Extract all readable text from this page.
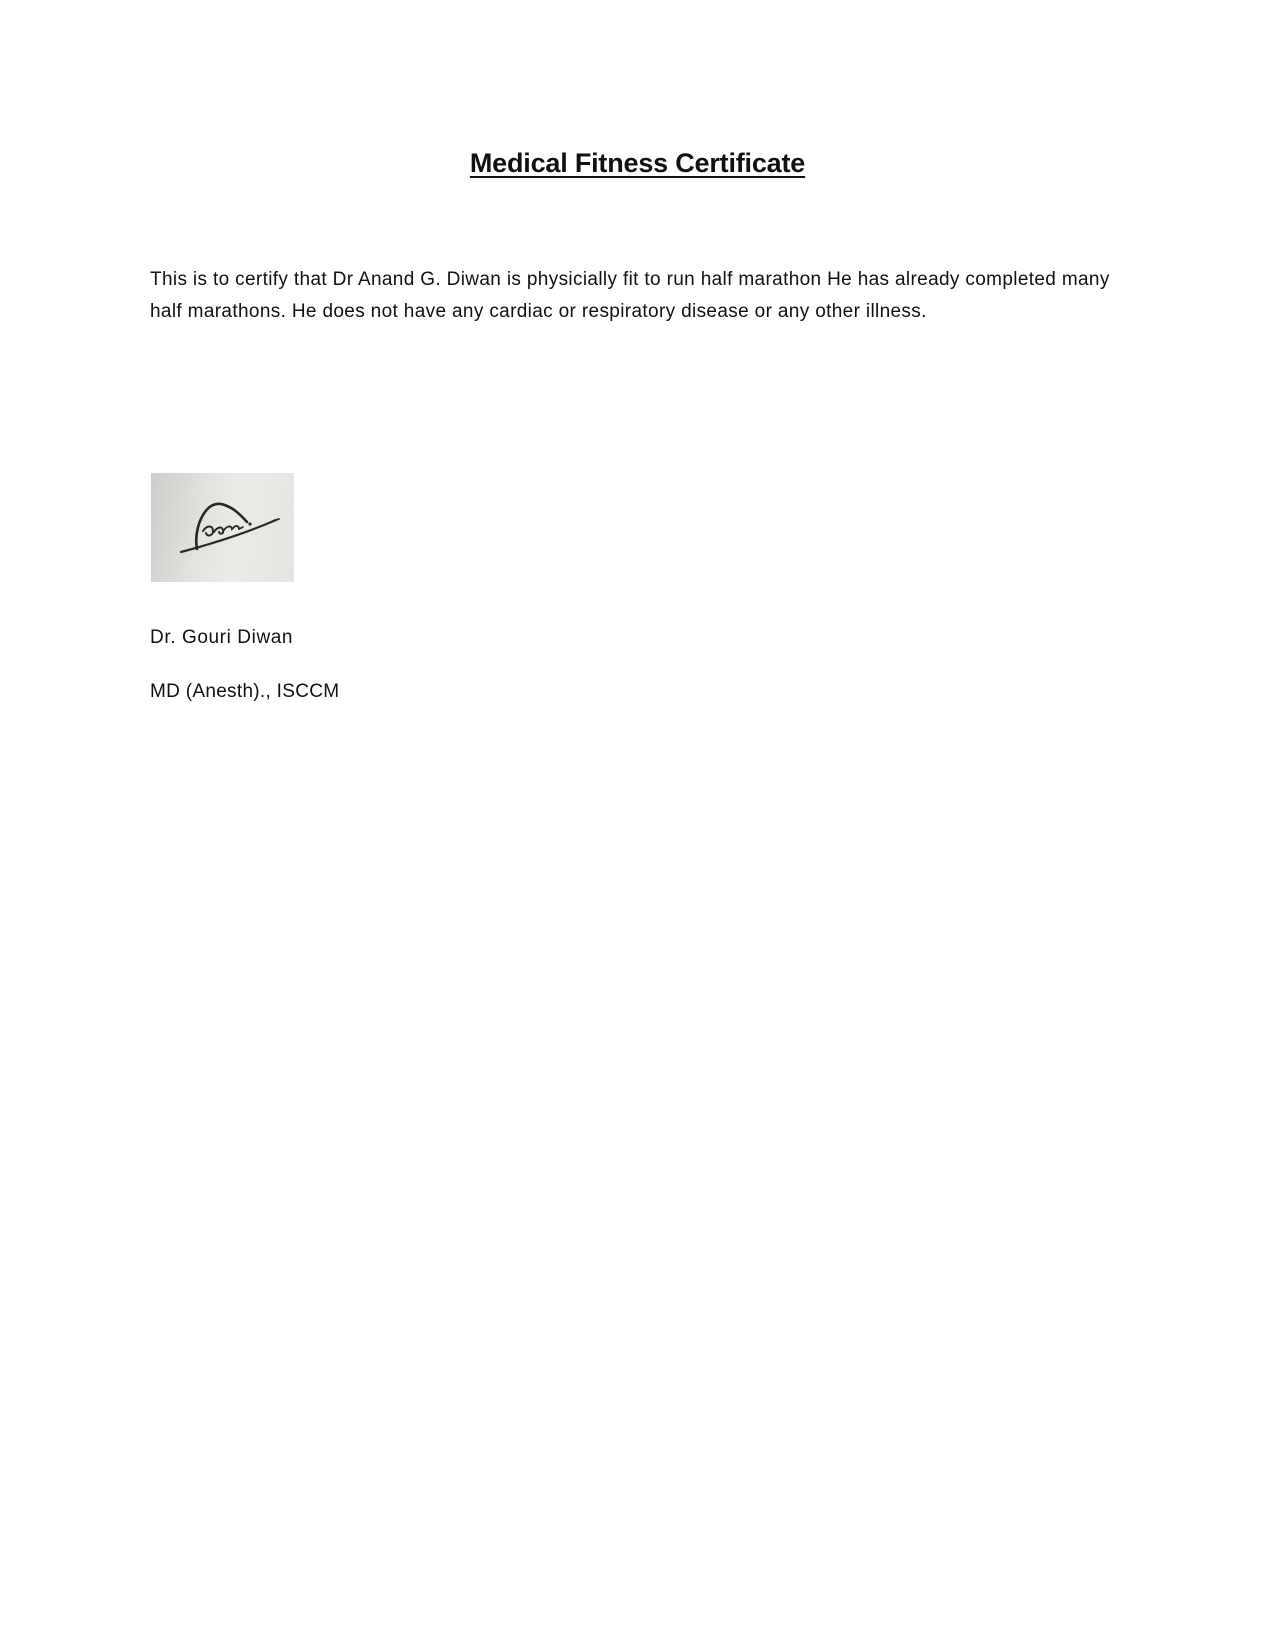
Medical Fitness Certificate

This is to certify that Dr Anand G. Diwan is physicially fit to run half marathon He has already completed many half marathons. He does not have any cardiac or respiratory disease or any other illness.

Dr. Gouri Diwan

MD (Anesth)., ISCCM
